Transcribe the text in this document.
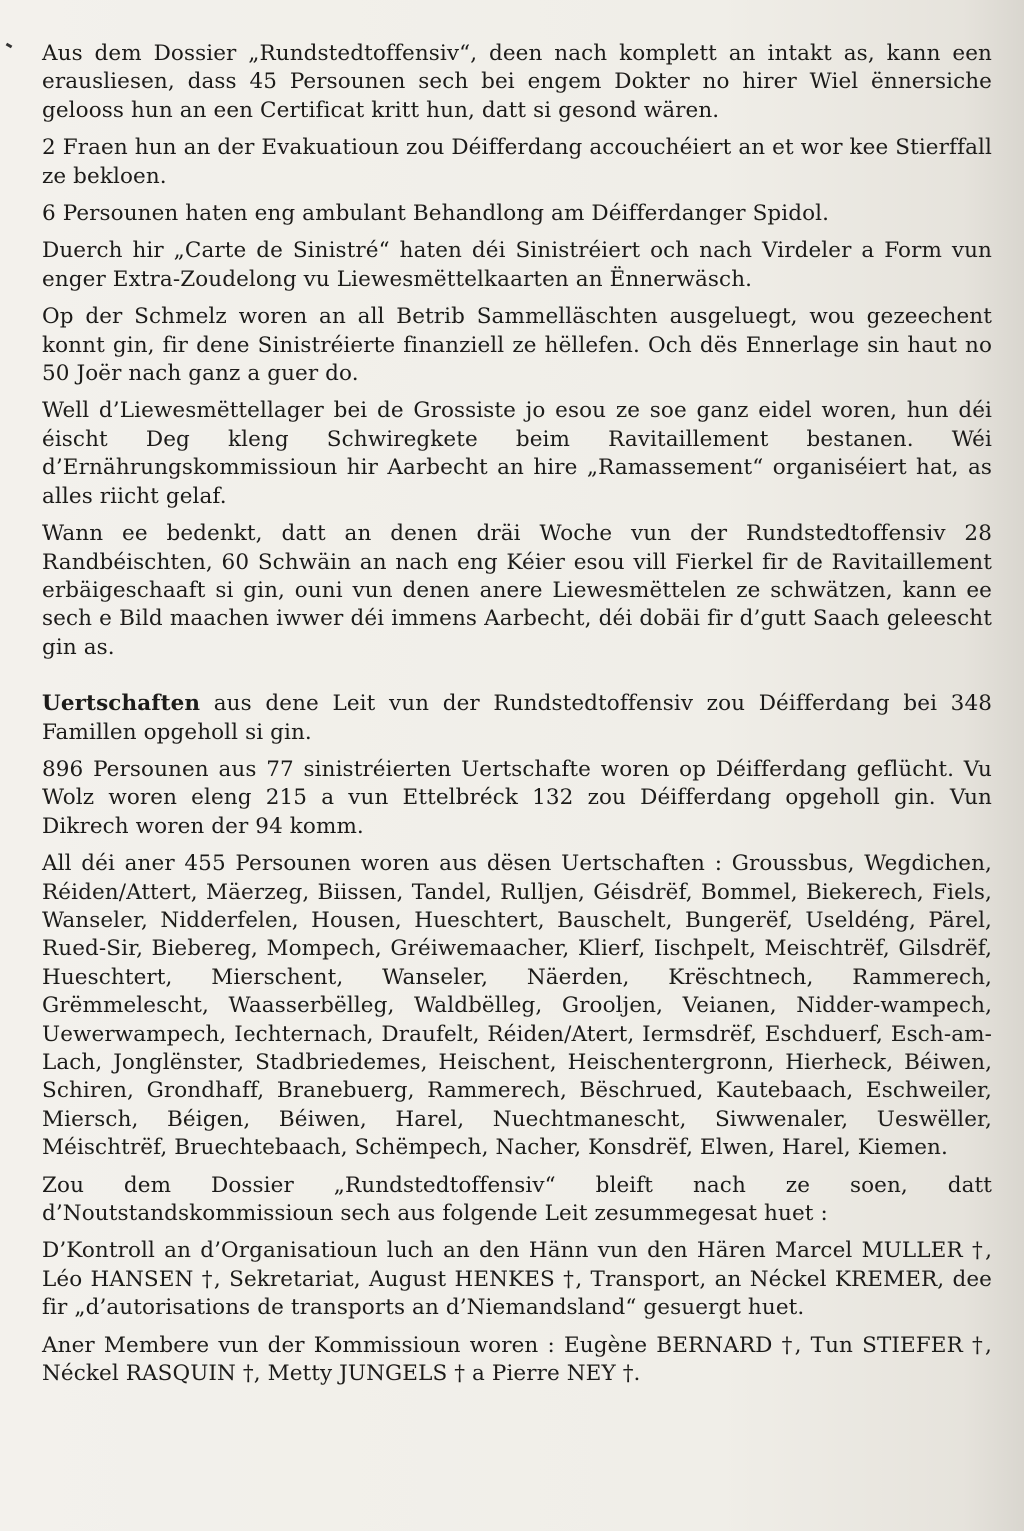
Aus dem Dossier „Rundstedtoffensiv“, deen nach komplett an intakt as, kann een erausliesen, dass 45 Persounen sech bei engem Dokter no hirer Wiel ënnersiche gelooss hun an een Certificat kritt hun, datt si gesond wären.

2 Fraen hun an der Evakuatioun zou Déifferdang accouchéiert an et wor kee Stierffall ze bekloen.

6 Persounen haten eng ambulant Behandlong am Déifferdanger Spidol.

Duerch hir „Carte de Sinistré“ haten déi Sinistréiert och nach Virdeler a Form vun enger Extra-Zoudelong vu Liewesmëttelkaarten an Ënnerwäsch.

Op der Schmelz woren an all Betrib Sammelläschten ausgeluegt, wou gezeechent konnt gin, fir dene Sinistréierte finanziell ze hëllefen. Och dës Ennerlage sin haut no 50 Joër nach ganz a guer do.

Well d’Liewesmëttellager bei de Grossiste jo esou ze soe ganz eidel woren, hun déi éischt Deg kleng Schwiregkete beim Ravitaillement bestanen. Wéi d’Ernährungskommissioun hir Aarbecht an hire „Ramassement“ organiséiert hat, as alles riicht gelaf.

Wann ee bedenkt, datt an denen dräi Woche vun der Rundstedtoffensiv 28 Randbéischten, 60 Schwäin an nach eng Kéier esou vill Fierkel fir de Ravitaillement erbäigeschaaft si gin, ouni vun denen anere Liewesmëttelen ze schwätzen, kann ee sech e Bild maachen iwwer déi immens Aarbecht, déi dobäi fir d’gutt Saach geleescht gin as.

Uertschaften aus dene Leit vun der Rundstedtoffensiv zou Déifferdang bei 348 Famillen opgeholl si gin.

896 Persounen aus 77 sinistréierten Uertschafte woren op Déifferdang geflücht. Vu Wolz woren eleng 215 a vun Ettelbréck 132 zou Déifferdang opgeholl gin. Vun Dikrech woren der 94 komm.

All déi aner 455 Persounen woren aus dësen Uertschaften : Groussbus, Wegdichen, Réiden/Attert, Mäerzeg, Biissen, Tandel, Rulljen, Géisdrëf, Bommel, Biekerech, Fiels, Wanseler, Nidderfelen, Housen, Hueschtert, Bauschelt, Bungerëf, Useldéng, Pärel, Rued-Sir, Biebereg, Mompech, Gréiwemaacher, Klierf, Iischpelt, Meischtrëf, Gilsdrëf, Hueschtert, Mierschent, Wanseler, Näerden, Krëschtnech, Rammerech, Grëmmelescht, Waasserbëlleg, Waldbëlleg, Grooljen, Veianen, Nidder-wampech, Uewerwampech, Iechternach, Draufelt, Réiden/Atert, Iermsdrëf, Eschduerf, Esch-am-Lach, Jonglënster, Stadbriedemes, Heischent, Heischentergronn, Hierheck, Béiwen, Schiren, Grondhaff, Branebuerg, Rammerech, Bëschrued, Kautebaach, Eschweiler, Miersch, Béigen, Béiwen, Harel, Nuechtmanescht, Siwwenaler, Ueswëller, Méischtrëf, Bruechtebaach, Schëmpech, Nacher, Konsdrëf, Elwen, Harel, Kiemen.

Zou dem Dossier „Rundstedtoffensiv“ bleift nach ze soen, datt d’Noutstandskommissioun sech aus folgende Leit zesummegesat huet :

D’Kontroll an d’Organisatioun luch an den Hänn vun den Hären Marcel MULLER †, Léo HANSEN †, Sekretariat, August HENKES †, Transport, an Néckel KREMER, dee fir „d’autorisations de transports an d’Niemandsland“ gesuergt huet.

Aner Membere vun der Kommissioun woren : Eugène BERNARD †, Tun STIEFER †, Néckel RASQUIN †, Metty JUNGELS † a Pierre NEY †.
